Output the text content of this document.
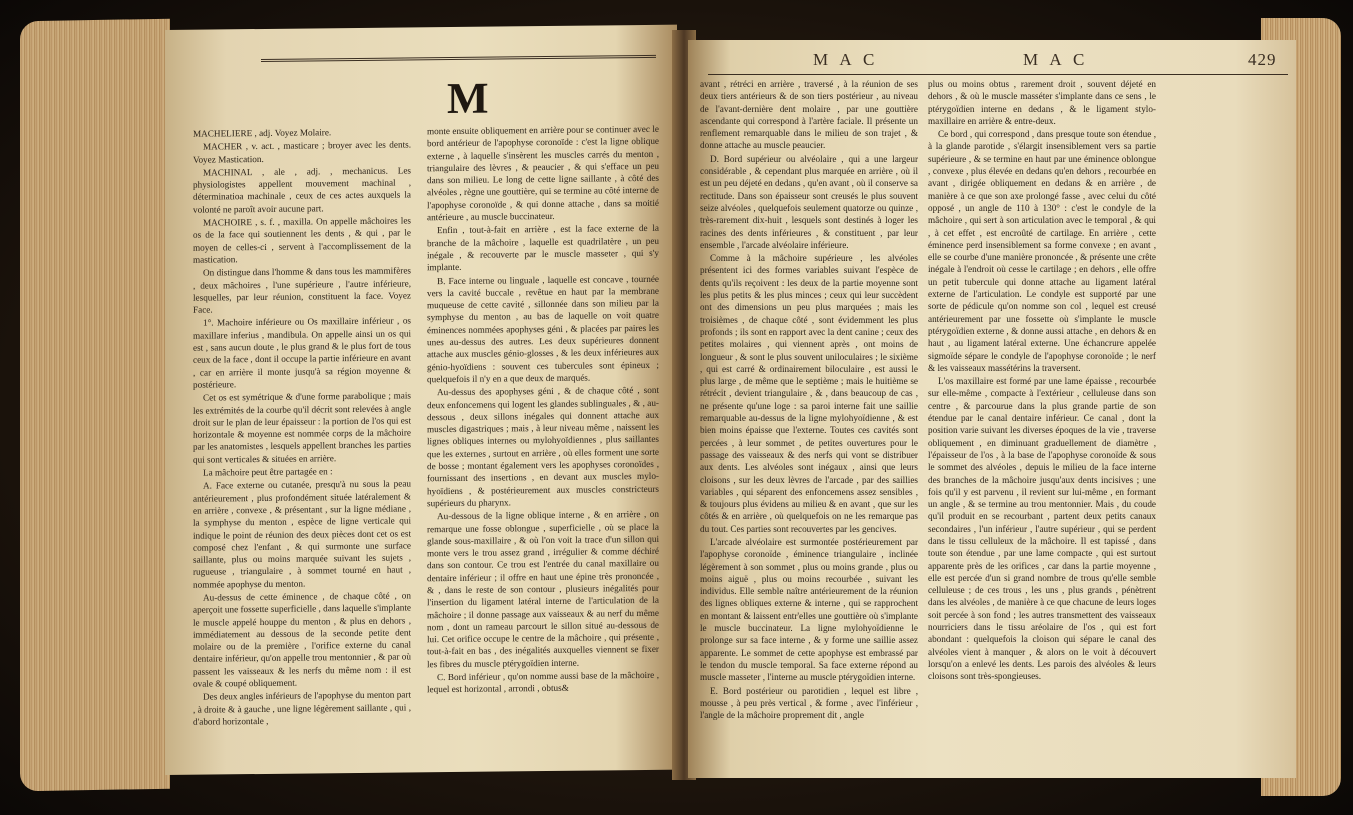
M

MACHELIERE , adj. Voyez Molaire.

MACHER , v. act. , masticare ; broyer avec les dents. Voyez Mastication.

MACHINAL , ale , adj. , mechanicus. Les physiologistes appellent mouvement machinal , déterminatioa machinale , ceux de ces actes auxquels la volonté ne paroît avoir aucune part.

MACHOIRE , s. f. , maxilla. On appelle mâchoires les os de la face qui soutiennent les dents , & qui , par le moyen de celles-ci , servent à l'accomplissement de la mastication.

On distingue dans l'homme & dans tous les mammifères , deux mâchoires , l'une supérieure , l'autre inférieure, lesquelles, par leur réunion, constituent la face. Voyez Face.

1°. Machoire inférieure ou Os maxillaire inférieur , os maxillare inferius , mandibula. On appelle ainsi un os qui est , sans aucun doute , le plus grand & le plus fort de tous ceux de la face , dont il occupe la partie inférieure en avant , car en arrière il monte jusqu'à sa région moyenne & postérieure.

Cet os est symétrique & d'une forme parabolique ; mais les extrémités de la courbe qu'il décrit sont relevées à angle droit sur le plan de leur épaisseur : la portion de l'os qui est horizontale & moyenne est nommée corps de la mâchoire par les anatomistes , lesquels appellent branches les parties qui sont verticales & situées en arrière.

La mâchoire peut être partagée en :

A. Face externe ou cutanée, presqu'à nu sous la peau antérieurement , plus profondément située latéralement & en arrière , convexe , & présentant , sur la ligne médiane , la symphyse du menton , espèce de ligne verticale qui indique le point de réunion des deux pièces dont cet os est composé chez l'enfant , & qui surmonte une surface saillante, plus ou moins marquée suivant les sujets , rugueuse , triangulaire , à sommet tourné en haut , nommée apophyse du menton.

Au-dessus de cette éminence , de chaque côté , on aperçoit une fossette superficielle , dans laquelle s'implante le muscle appelé houppe du menton , & plus en dehors , immédiatement au dessous de la seconde petite dent molaire ou de la première , l'orifice externe du canal dentaire inférieur, qu'on appelle trou mentonnier , & par où passent les vaisseaux & les nerfs du même nom : il est ovale & coupé obliquement.

Des deux angles inférieurs de l'apophyse du menton part , à droite & à gauche , une ligne légèrement saillante , qui , d'abord horizontale ,

monte ensuite obliquement en arrière pour se continuer avec le bord antérieur de l'apophyse coronoïde : c'est la ligne oblique externe , à laquelle s'insèrent les muscles carrés du menton , triangulaire des lèvres , & peaucier , & qui s'efface un peu dans son milieu. Le long de cette ligne saillante , à côté des alvéoles , règne une gouttière, qui se termine au côté interne de l'apophyse coronoïde , & qui donne attache , dans sa moitié antérieure , au muscle buccinateur.

Enfin , tout-à-fait en arrière , est la face externe de la branche de la mâchoire , laquelle est quadrilatère , un peu inégale , & recouverte par le muscle masseter , qui s'y implante.

B. Face interne ou linguale , laquelle est concave , tournée vers la cavité buccale , revêtue en haut par la membrane muqueuse de cette cavité , sillonnée dans son milieu par la symphyse du menton , au bas de laquelle on voit quatre éminences nommées apophyses géni , & placées par paires les unes au-dessus des autres. Les deux supérieures donnent attache aux muscles génio-glosses , & les deux inférieures aux génio-hyoïdiens : souvent ces tubercules sont épineux ; quelquefois il n'y en a que deux de marqués.

Au-dessus des apophyses géni , & de chaque côté , sont deux enfoncemens qui logent les glandes sublinguales , & , au-dessous , deux sillons inégales qui donnent attache aux muscles digastriques ; mais , à leur niveau même , naissent les lignes obliques internes ou mylohyoïdiennes , plus saillantes que les externes , surtout en arrière , où elles forment une sorte de bosse ; montant également vers les apophyses coronoïdes , fournissant des insertions , en devant aux muscles mylo-hyoïdiens , & postérieurement aux muscles constricteurs supérieurs du pharynx.

Au-dessous de la ligne oblique interne , & en arrière , on remarque une fosse oblongue , superficielle , où se place la glande sous-maxillaire , & où l'on voit la trace d'un sillon qui monte vers le trou assez grand , irrégulier & comme déchiré dans son contour. Ce trou est l'entrée du canal maxillaire ou dentaire inférieur ; il offre en haut une épine très prononcée , & , dans le reste de son contour , plusieurs inégalités pour l'insertion du ligament latéral interne de l'articulation de la mâchoire ; il donne passage aux vaisseaux & au nerf du même nom , dont un rameau parcourt le sillon situé au-dessous de lui. Cet orifice occupe le centre de la mâchoire , qui présente , tout-à-fait en bas , des inégalités auxquelles viennent se fixer les fibres du muscle ptérygoïdien interne.

C. Bord inférieur , qu'on nomme aussi base de la mâchoire , lequel est horizontal , arrondi , obtus&

M A C	M A C	429

avant , rétréci en arrière , traversé , à la réunion de ses deux tiers antérieurs & de son tiers postérieur , au niveau de l'avant-dernière dent molaire , par une gouttière ascendante qui correspond à l'artère faciale. Il présente un renflement remarquable dans le milieu de son trajet , & donne attache au muscle peaucier.

D. Bord supérieur ou alvéolaire , qui a une largeur considérable , & cependant plus marquée en arrière , où il est un peu déjeté en dedans , qu'en avant , où il conserve sa rectitude. Dans son épaisseur sont creusés le plus souvent seize alvéoles , quelquefois seulement quatorze ou quinze , très-rarement dix-huit , lesquels sont destinés à loger les racines des dents inférieures , & constituent , par leur ensemble , l'arcade alvéolaire inférieure.

Comme à la mâchoire supérieure , les alvéoles présentent ici des formes variables suivant l'espèce de dents qu'ils reçoivent : les deux de la partie moyenne sont les plus petits & les plus minces ; ceux qui leur succèdent ont des dimensions un peu plus marquées ; mais les troisièmes , de chaque côté , sont évidemment les plus profonds ; ils sont en rapport avec la dent canine ; ceux des petites molaires , qui viennent après , ont moins de longueur , & sont le plus souvent uniloculaires ; le sixième , qui est carré & ordinairement biloculaire , est aussi le plus large , de même que le septième ; mais le huitième se rétrécit , devient triangulaire , & , dans beaucoup de cas , ne présente qu'une loge : sa paroi interne fait une saillie remarquable au-dessus de la ligne mylohyoïdienne , & est bien moins épaisse que l'externe. Toutes ces cavités sont percées , à leur sommet , de petites ouvertures pour le passage des vaisseaux & des nerfs qui vont se distribuer aux dents. Les alvéoles sont inégaux , ainsi que leurs cloisons , sur les deux lèvres de l'arcade , par des saillies variables , qui séparent des enfoncemens assez sensibles , & toujours plus évidens au milieu & en avant , que sur les côtés & en arrière , où quelquefois on ne les remarque pas du tout. Ces parties sont recouvertes par les gencives.

L'arcade alvéolaire est surmontée postérieurement par l'apophyse coronoïde , éminence triangulaire , inclinée légèrement à son sommet , plus ou moins grande , plus ou moins aiguë , plus ou moins recourbée , suivant les individus. Elle semble naître antérieurement de la réunion des lignes obliques externe & interne , qui se rapprochent en montant & laissent entr'elles une gouttière où s'implante le muscle buccinateur. La ligne mylohyoïdienne le prolonge sur sa face interne , & y forme une saillie assez apparente. Le sommet de cette apophyse est embrassé par le tendon du muscle temporal. Sa face externe répond au muscle masseter , l'interne au muscle ptérygoïdien interne.

E. Bord postérieur ou parotidien , lequel est libre , mousse , à peu près vertical , & forme , avec l'inférieur , l'angle de la mâchoire proprement dit , angle

plus ou moins obtus , rarement droit , souvent déjeté en dehors , & où le muscle masséter s'implante dans ce sens , le ptérygoïdien interne en dedans , & le ligament stylo-maxillaire en arrière & entre-deux.

Ce bord , qui correspond , dans presque toute son étendue , à la glande parotide , s'élargit insensiblement vers sa partie supérieure , & se termine en haut par une éminence oblongue , convexe , plus élevée en dedans qu'en dehors , recourbée en avant , dirigée obliquement en dedans & en arrière , de manière à ce que son axe prolongé fasse , avec celui du côté opposé , un angle de 110 à 130° : c'est le condyle de la mâchoire , qui sert à son articulation avec le temporal , & qui , à cet effet , est encroûté de cartilage. En arrière , cette éminence perd insensiblement sa forme convexe ; en avant , elle se courbe d'une manière prononcée , & présente une crête inégale à l'endroit où cesse le cartilage ; en dehors , elle offre un petit tubercule qui donne attache au ligament latéral externe de l'articulation. Le condyle est supporté par une sorte de pédicule qu'on nomme son col , lequel est creusé antérieurement par une fossette où s'implante le muscle ptérygoïdien externe , & donne aussi attache , en dehors & en haut , au ligament latéral externe. Une échancrure appelée sigmoïde sépare le condyle de l'apophyse coronoïde ; le nerf & les vaisseaux massétérins la traversent.

L'os maxillaire est formé par une lame épaisse , recourbée sur elle-même , compacte à l'extérieur , celluleuse dans son centre , & parcourue dans la plus grande partie de son étendue par le canal dentaire inférieur. Ce canal , dont la position varie suivant les diverses époques de la vie , traverse obliquement , en diminuant graduellement de diamètre , l'épaisseur de l'os , à la base de l'apophyse coronoïde & sous le sommet des alvéoles , depuis le milieu de la face interne des branches de la mâchoire jusqu'aux dents incisives ; une fois qu'il y est parvenu , il revient sur lui-même , en formant un angle , & se termine au trou mentonnier. Mais , du coude qu'il produit en se recourbant , partent deux petits canaux secondaires , l'un inférieur , l'autre supérieur , qui se perdent dans le tissu celluleux de la mâchoire. Il est tapissé , dans toute son étendue , par une lame compacte , qui est surtout apparente près de les orifices , car dans la partie moyenne , elle est percée d'un si grand nombre de trous qu'elle semble celluleuse ; de ces trous , les uns , plus grands , pénètrent dans les alvéoles , de manière à ce que chacune de leurs loges soit percée à son fond ; les autres transmettent des vaisseaux nourriciers dans le tissu aréolaire de l'os , qui est fort abondant : quelquefois la cloison qui sépare le canal des alvéoles vient à manquer , & alors on le voit à découvert lorsqu'on a enlevé les dents. Les parois des alvéoles & leurs cloisons sont très-spongieuses.
